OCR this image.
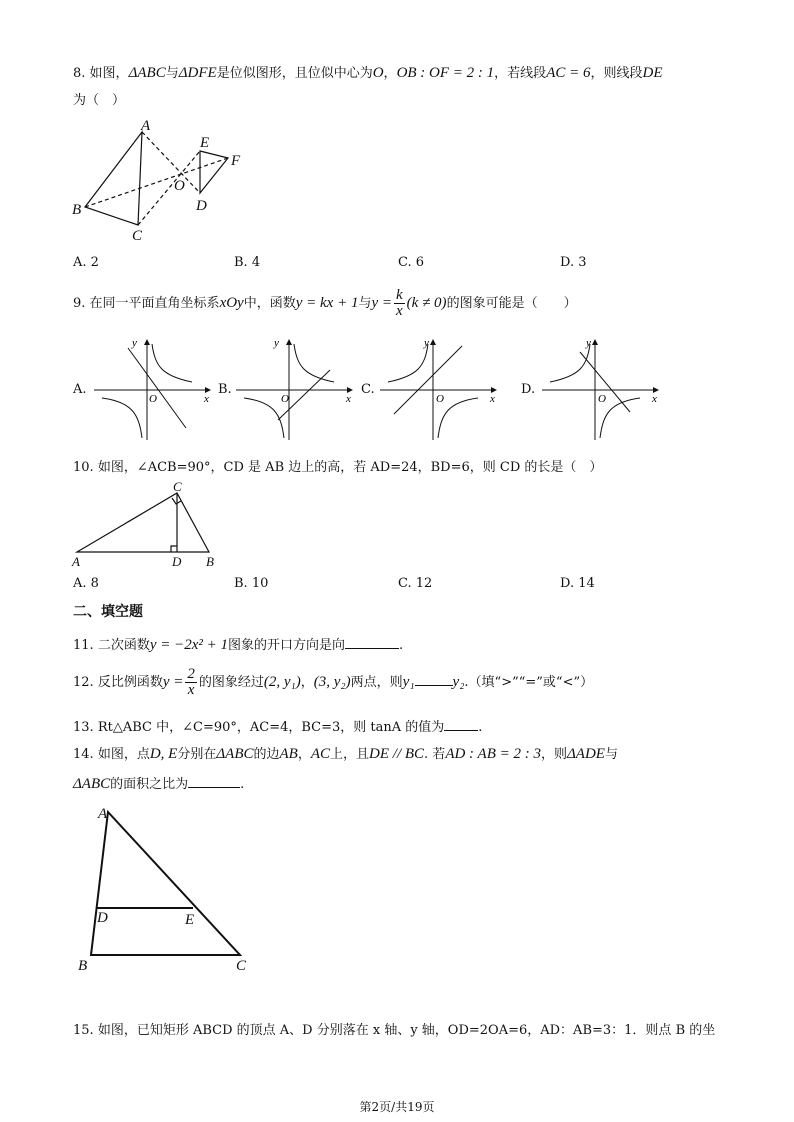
8. 如图，ΔABC与ΔDFE是位似图形，且位似中心为O，OB : OF = 2 : 1，若线段AC = 6，则线段DE
为（　）
A
B
C
D
E
F
O
A. 2	B. 4	C. 6	D. 3
9. 在同一平面直角坐标系xOy中，函数y = kx + 1与$y = \frac{k}{x} (k \ne 0)$的图象可能是（　　）
A.
y
x
O
B.
y
x
O
C.
y
x
O
D.
y
x
O
10. 如图，∠ACB=90°，CD 是 AB 边上的高，若 AD=24，BD=6，则 CD 的长是（　）
C
A	D B
A. 8	B. 10	C. 12	D. 14
二、填空题
11. 二次函数y = −2x² + 1图象的开口方向是向	.
12. 反比例函数$y = \frac{2}{x}$ 的图象经过(2, y₁)，(3, y₂)两点，则y₁	y₂.（填“>”“=”或“<”）
13. Rt△ABC 中，∠C=90°，AC=4，BC=3，则 tanA 的值为	.
14. 如图，点D, E分别在ΔABC的边AB，AC上，且DE // BC. 若AD : AB = 2 : 3，则ΔADE与
ΔABC的面积之比为	.
A
D	E
B	C
15. 如图，已知矩形 ABCD 的顶点 A、D 分别落在 x 轴、y 轴，OD=2OA=6，AD：AB=3：1．则点 B 的坐
第2页/共19页
